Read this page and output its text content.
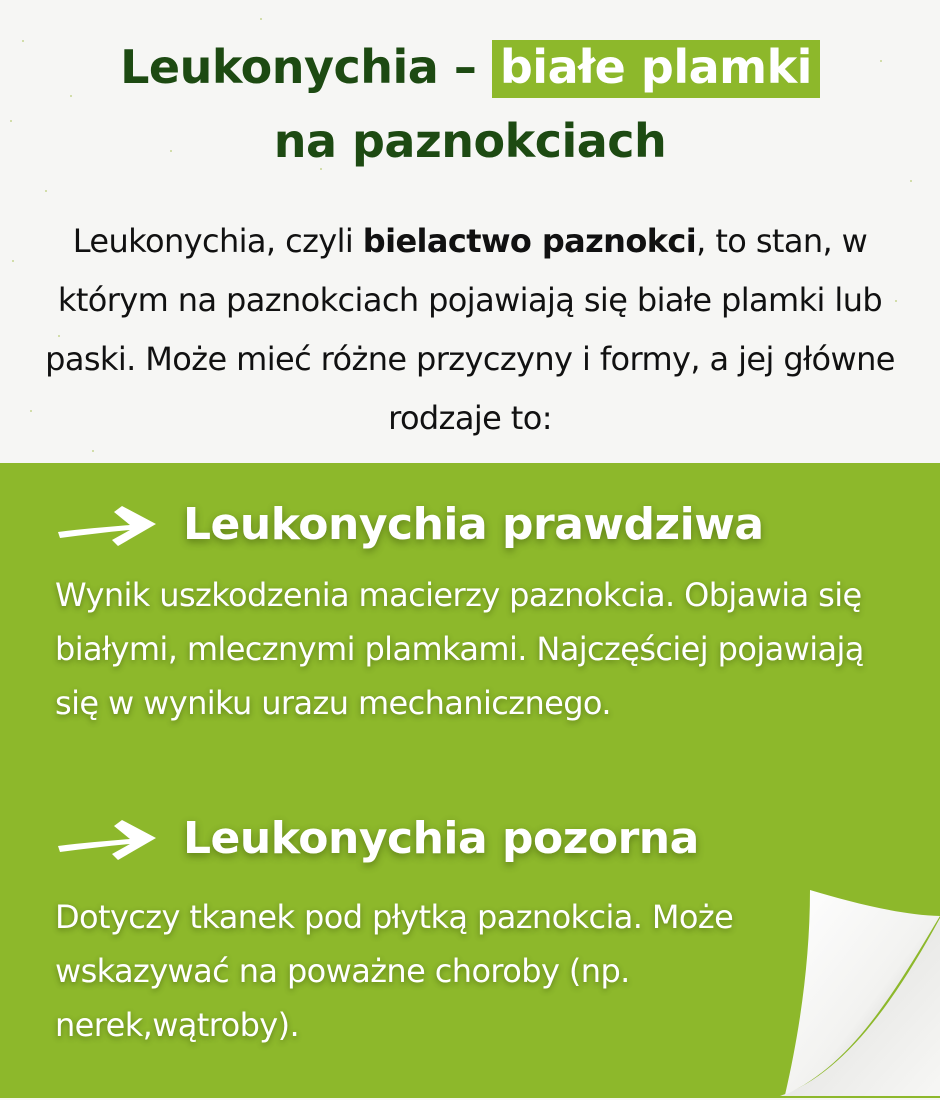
Leukonychia – białe plamki
na paznokciach

Leukonychia, czyli bielactwo paznokci, to stan, w którym na paznokciach pojawiają się białe plamki lub paski. Może mieć różne przyczyny i formy, a jej główne rodzaje to:

Leukonychia prawdziwa
Wynik uszkodzenia macierzy paznokcia. Objawia się białymi, mlecznymi plamkami. Najczęściej pojawiają się w wyniku urazu mechanicznego.
Leukonychia pozorna
Dotyczy tkanek pod płytką paznokcia. Może wskazywać na poważne choroby (np. nerek,wątroby).
